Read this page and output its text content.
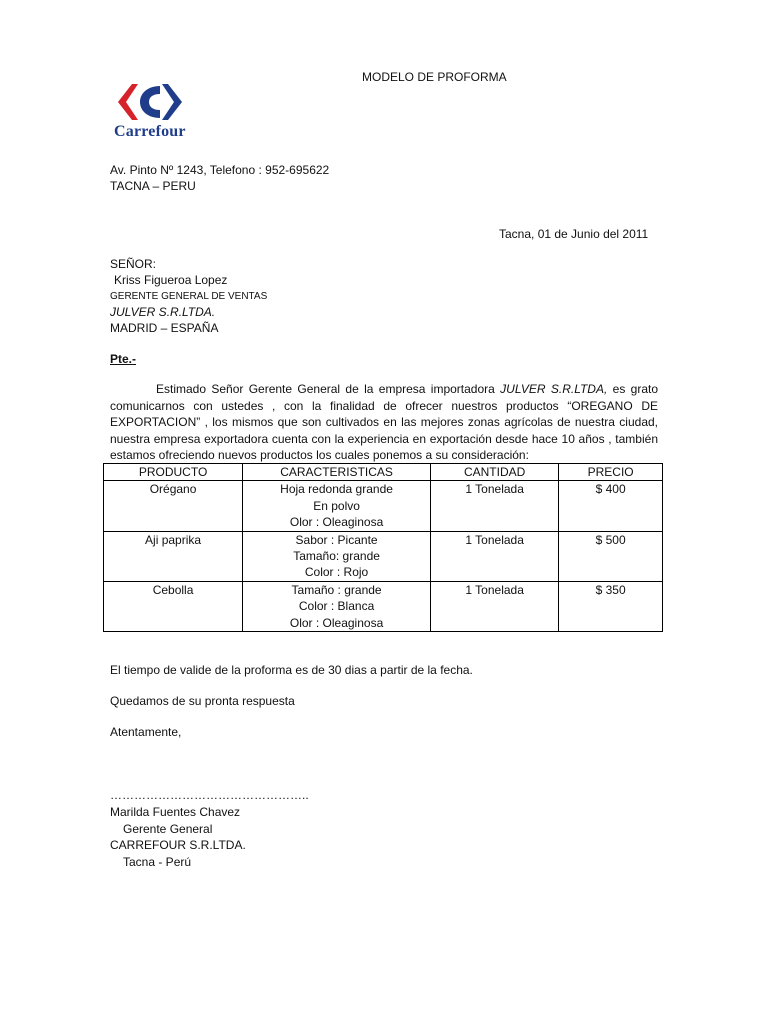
Carrefour
MODELO DE PROFORMA
Av. Pinto Nº 1243, Telefono : 952-695622
TACNA – PERU
Tacna, 01 de Junio del 2011
SEÑOR:
Kriss Figueroa Lopez
GERENTE GENERAL DE VENTAS
JULVER S.R.LTDA.
MADRID – ESPAÑA
Pte.-
Estimado Señor Gerente General de la empresa importadora JULVER S.R.LTDA, es grato comunicarnos con ustedes , con la finalidad de ofrecer nuestros productos “OREGANO DE EXPORTACION” , los mismos que son cultivados en las mejores zonas agrícolas de nuestra ciudad, nuestra empresa exportadora cuenta con la experiencia en exportación desde hace 10 años , también estamos ofreciendo nuevos productos los cuales ponemos a su consideración:
PRODUCTO	CARACTERISTICAS	CANTIDAD	PRECIO
Orégano	Hoja redonda grande
En polvo
Olor : Oleaginosa	1 Tonelada	$ 400
Aji paprika	Sabor : Picante
Tamaño: grande
Color : Rojo	1 Tonelada	$ 500
Cebolla	Tamaño : grande
Color : Blanca
Olor : Oleaginosa	1 Tonelada	$ 350
El tiempo de valide de la proforma es de 30 dias a partir de la fecha.
Quedamos de su pronta respuesta
Atentamente,
…………………………………………..
Marilda Fuentes Chavez
Gerente General
CARREFOUR S.R.LTDA.
Tacna - Perú
